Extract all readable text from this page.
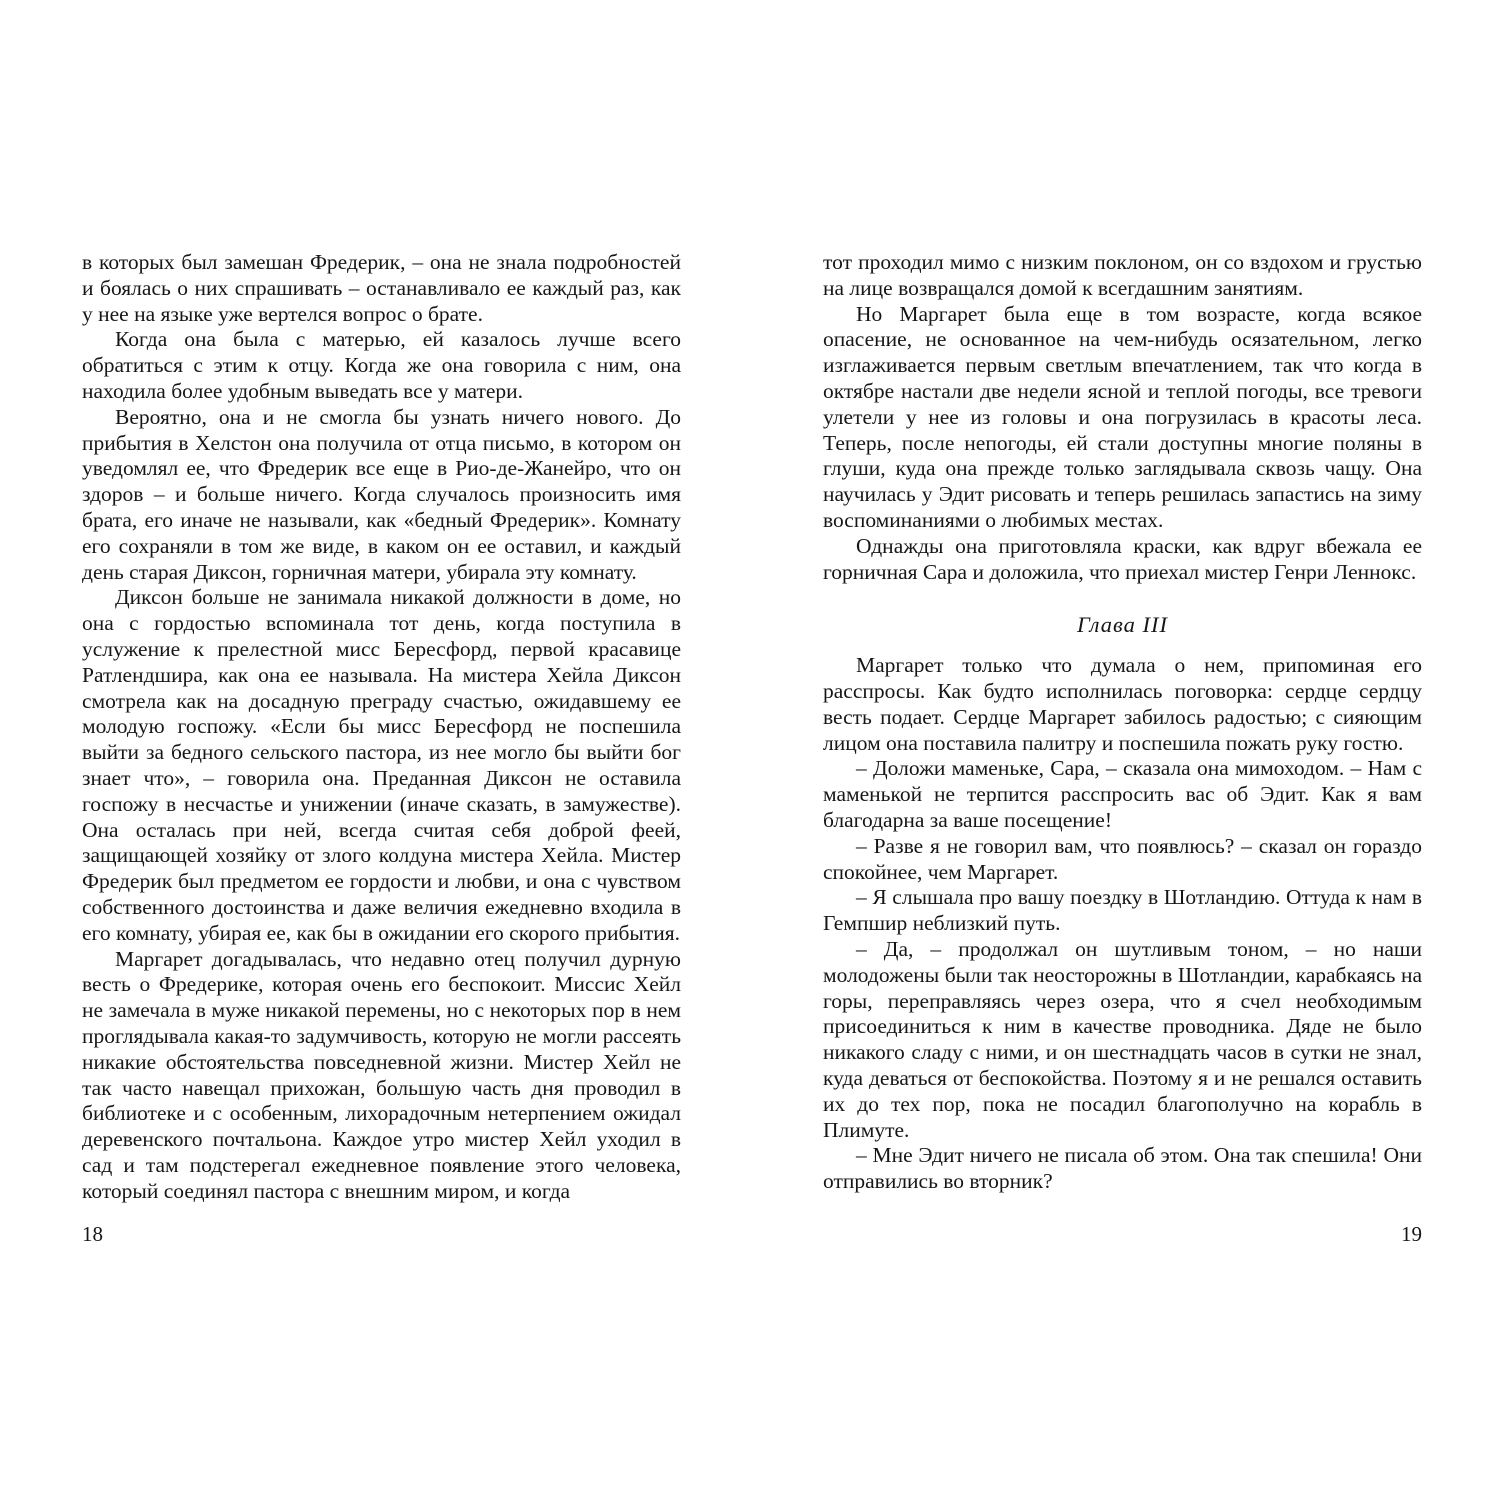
в которых был замешан Фредерик, – она не знала подробностей и боялась о них спрашивать – останавливало ее каждый раз, как у нее на языке уже вертелся вопрос о брате.

Когда она была с матерью, ей казалось лучше всего обратиться с этим к отцу. Когда же она говорила с ним, она находила более удобным выведать все у матери.

Вероятно, она и не смогла бы узнать ничего нового. До прибытия в Хелстон она получила от отца письмо, в котором он уведомлял ее, что Фредерик все еще в Рио-де-Жанейро, что он здоров – и больше ничего. Когда случалось произносить имя брата, его иначе не называли, как «бедный Фредерик». Комнату его сохраняли в том же виде, в каком он ее оставил, и каждый день старая Диксон, горничная матери, убирала эту комнату.

Диксон больше не занимала никакой должности в доме, но она с гордостью вспоминала тот день, когда поступила в услужение к прелестной мисс Бересфорд, первой красавице Ратлендшира, как она ее называла. На мистера Хейла Диксон смотрела как на досадную преграду счастью, ожидавшему ее молодую госпожу. «Если бы мисс Бересфорд не поспешила выйти за бедного сельского пастора, из нее могло бы выйти бог знает что», – говорила она. Преданная Диксон не оставила госпожу в несчастье и унижении (иначе сказать, в замужестве). Она осталась при ней, всегда считая себя доброй феей, защищающей хозяйку от злого колдуна мистера Хейла. Мистер Фредерик был предметом ее гордости и любви, и она с чувством собственного достоинства и даже величия ежедневно входила в его комнату, убирая ее, как бы в ожидании его скорого прибытия.

Маргарет догадывалась, что недавно отец получил дурную весть о Фредерике, которая очень его беспокоит. Миссис Хейл не замечала в муже никакой перемены, но с некоторых пор в нем проглядывала какая-то задумчивость, которую не могли рассеять никакие обстоятельства повседневной жизни. Мистер Хейл не так часто навещал прихожан, большую часть дня проводил в библиотеке и с особенным, лихорадочным нетерпением ожидал деревенского почтальона. Каждое утро мистер Хейл уходил в сад и там подстерегал ежедневное появление этого человека, который соединял пастора с внешним миром, и когда

тот проходил мимо с низким поклоном, он со вздохом и грустью на лице возвращался домой к всегдашним занятиям.

Но Маргарет была еще в том возрасте, когда всякое опасение, не основанное на чем-нибудь осязательном, легко изглаживается первым светлым впечатлением, так что когда в октябре настали две недели ясной и теплой погоды, все тревоги улетели у нее из головы и она погрузилась в красоты леса. Теперь, после непогоды, ей стали доступны многие поляны в глуши, куда она прежде только заглядывала сквозь чащу. Она научилась у Эдит рисовать и теперь решилась запастись на зиму воспоминаниями о любимых местах.

Однажды она приготовляла краски, как вдруг вбежала ее горничная Сара и доложила, что приехал мистер Генри Леннокс.

Глава III

Маргарет только что думала о нем, припоминая его расспросы. Как будто исполнилась поговорка: сердце сердцу весть подает. Сердце Маргарет забилось радостью; с сияющим лицом она поставила палитру и поспешила пожать руку гостю.

– Доложи маменьке, Сара, – сказала она мимоходом. – Нам с маменькой не терпится расспросить вас об Эдит. Как я вам благодарна за ваше посещение!

– Разве я не говорил вам, что появлюсь? – сказал он гораздо спокойнее, чем Маргарет.

– Я слышала про вашу поездку в Шотландию. Оттуда к нам в Гемпшир неблизкий путь.

– Да, – продолжал он шутливым тоном, – но наши молодожены были так неосторожны в Шотландии, карабкаясь на горы, переправляясь через озера, что я счел необходимым присоединиться к ним в качестве проводника. Дяде не было никакого сладу с ними, и он шестнадцать часов в сутки не знал, куда деваться от беспокойства. Поэтому я и не решался оставить их до тех пор, пока не посадил благополучно на корабль в Плимуте.

– Мне Эдит ничего не писала об этом. Она так спешила! Они отправились во вторник?

18	19
